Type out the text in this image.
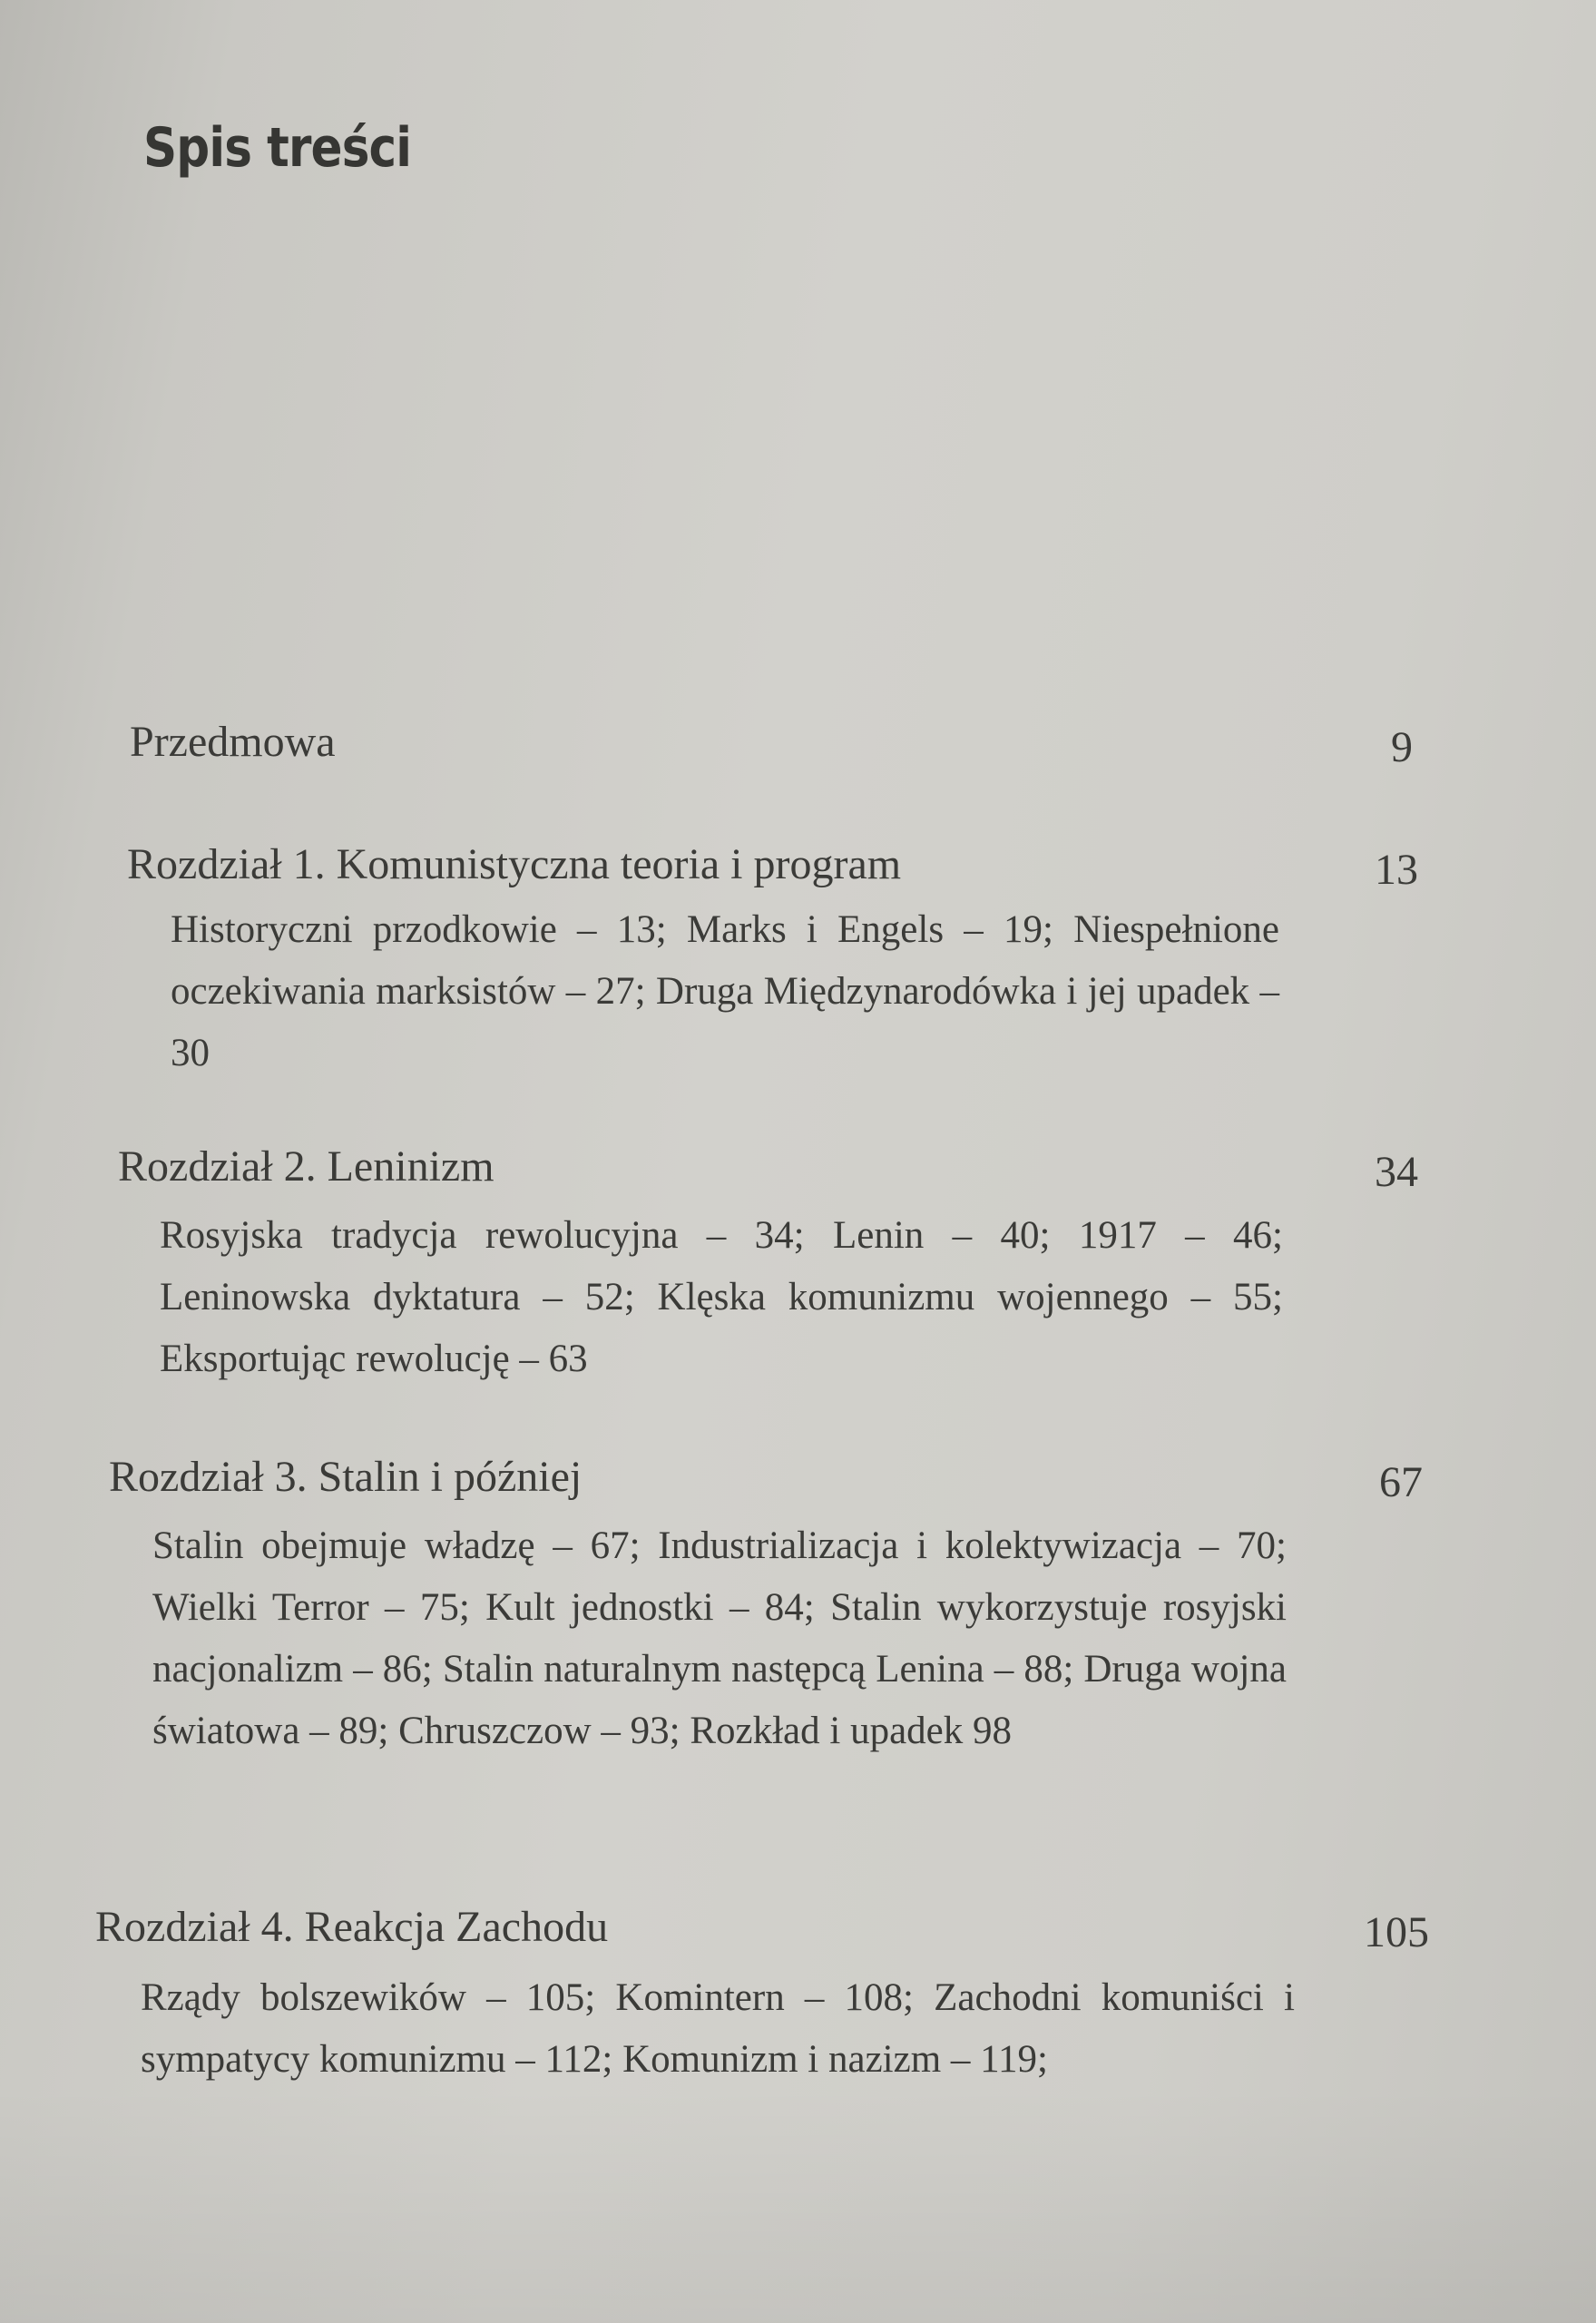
Spis treści
Przedmowa	9
Rozdział 1. Komunistyczna teoria i program	13
Historyczni przodkowie – 13; Marks i Engels – 19; Niespełnione oczekiwania marksistów – 27; Druga Międzynarodówka i jej upadek – 30
Rozdział 2. Leninizm	34
Rosyjska tradycja rewolucyjna – 34; Lenin – 40; 1917 – 46; Leninowska dyktatura – 52; Klęska komunizmu wojennego – 55; Eksportując rewolucję – 63
Rozdział 3. Stalin i później	67
Stalin obejmuje władzę – 67; Industrializacja i kolektywizacja – 70; Wielki Terror – 75; Kult jednostki – 84; Stalin wykorzystuje rosyjski nacjonalizm – 86; Stalin naturalnym następcą Lenina – 88; Druga wojna światowa – 89; Chruszczow – 93; Rozkład i upadek 98
Rozdział 4. Reakcja Zachodu	105
Rządy bolszewików – 105; Komintern – 108; Zachodni komuniści i sympatycy komunizmu – 112; Komunizm i nazizm – 119;
